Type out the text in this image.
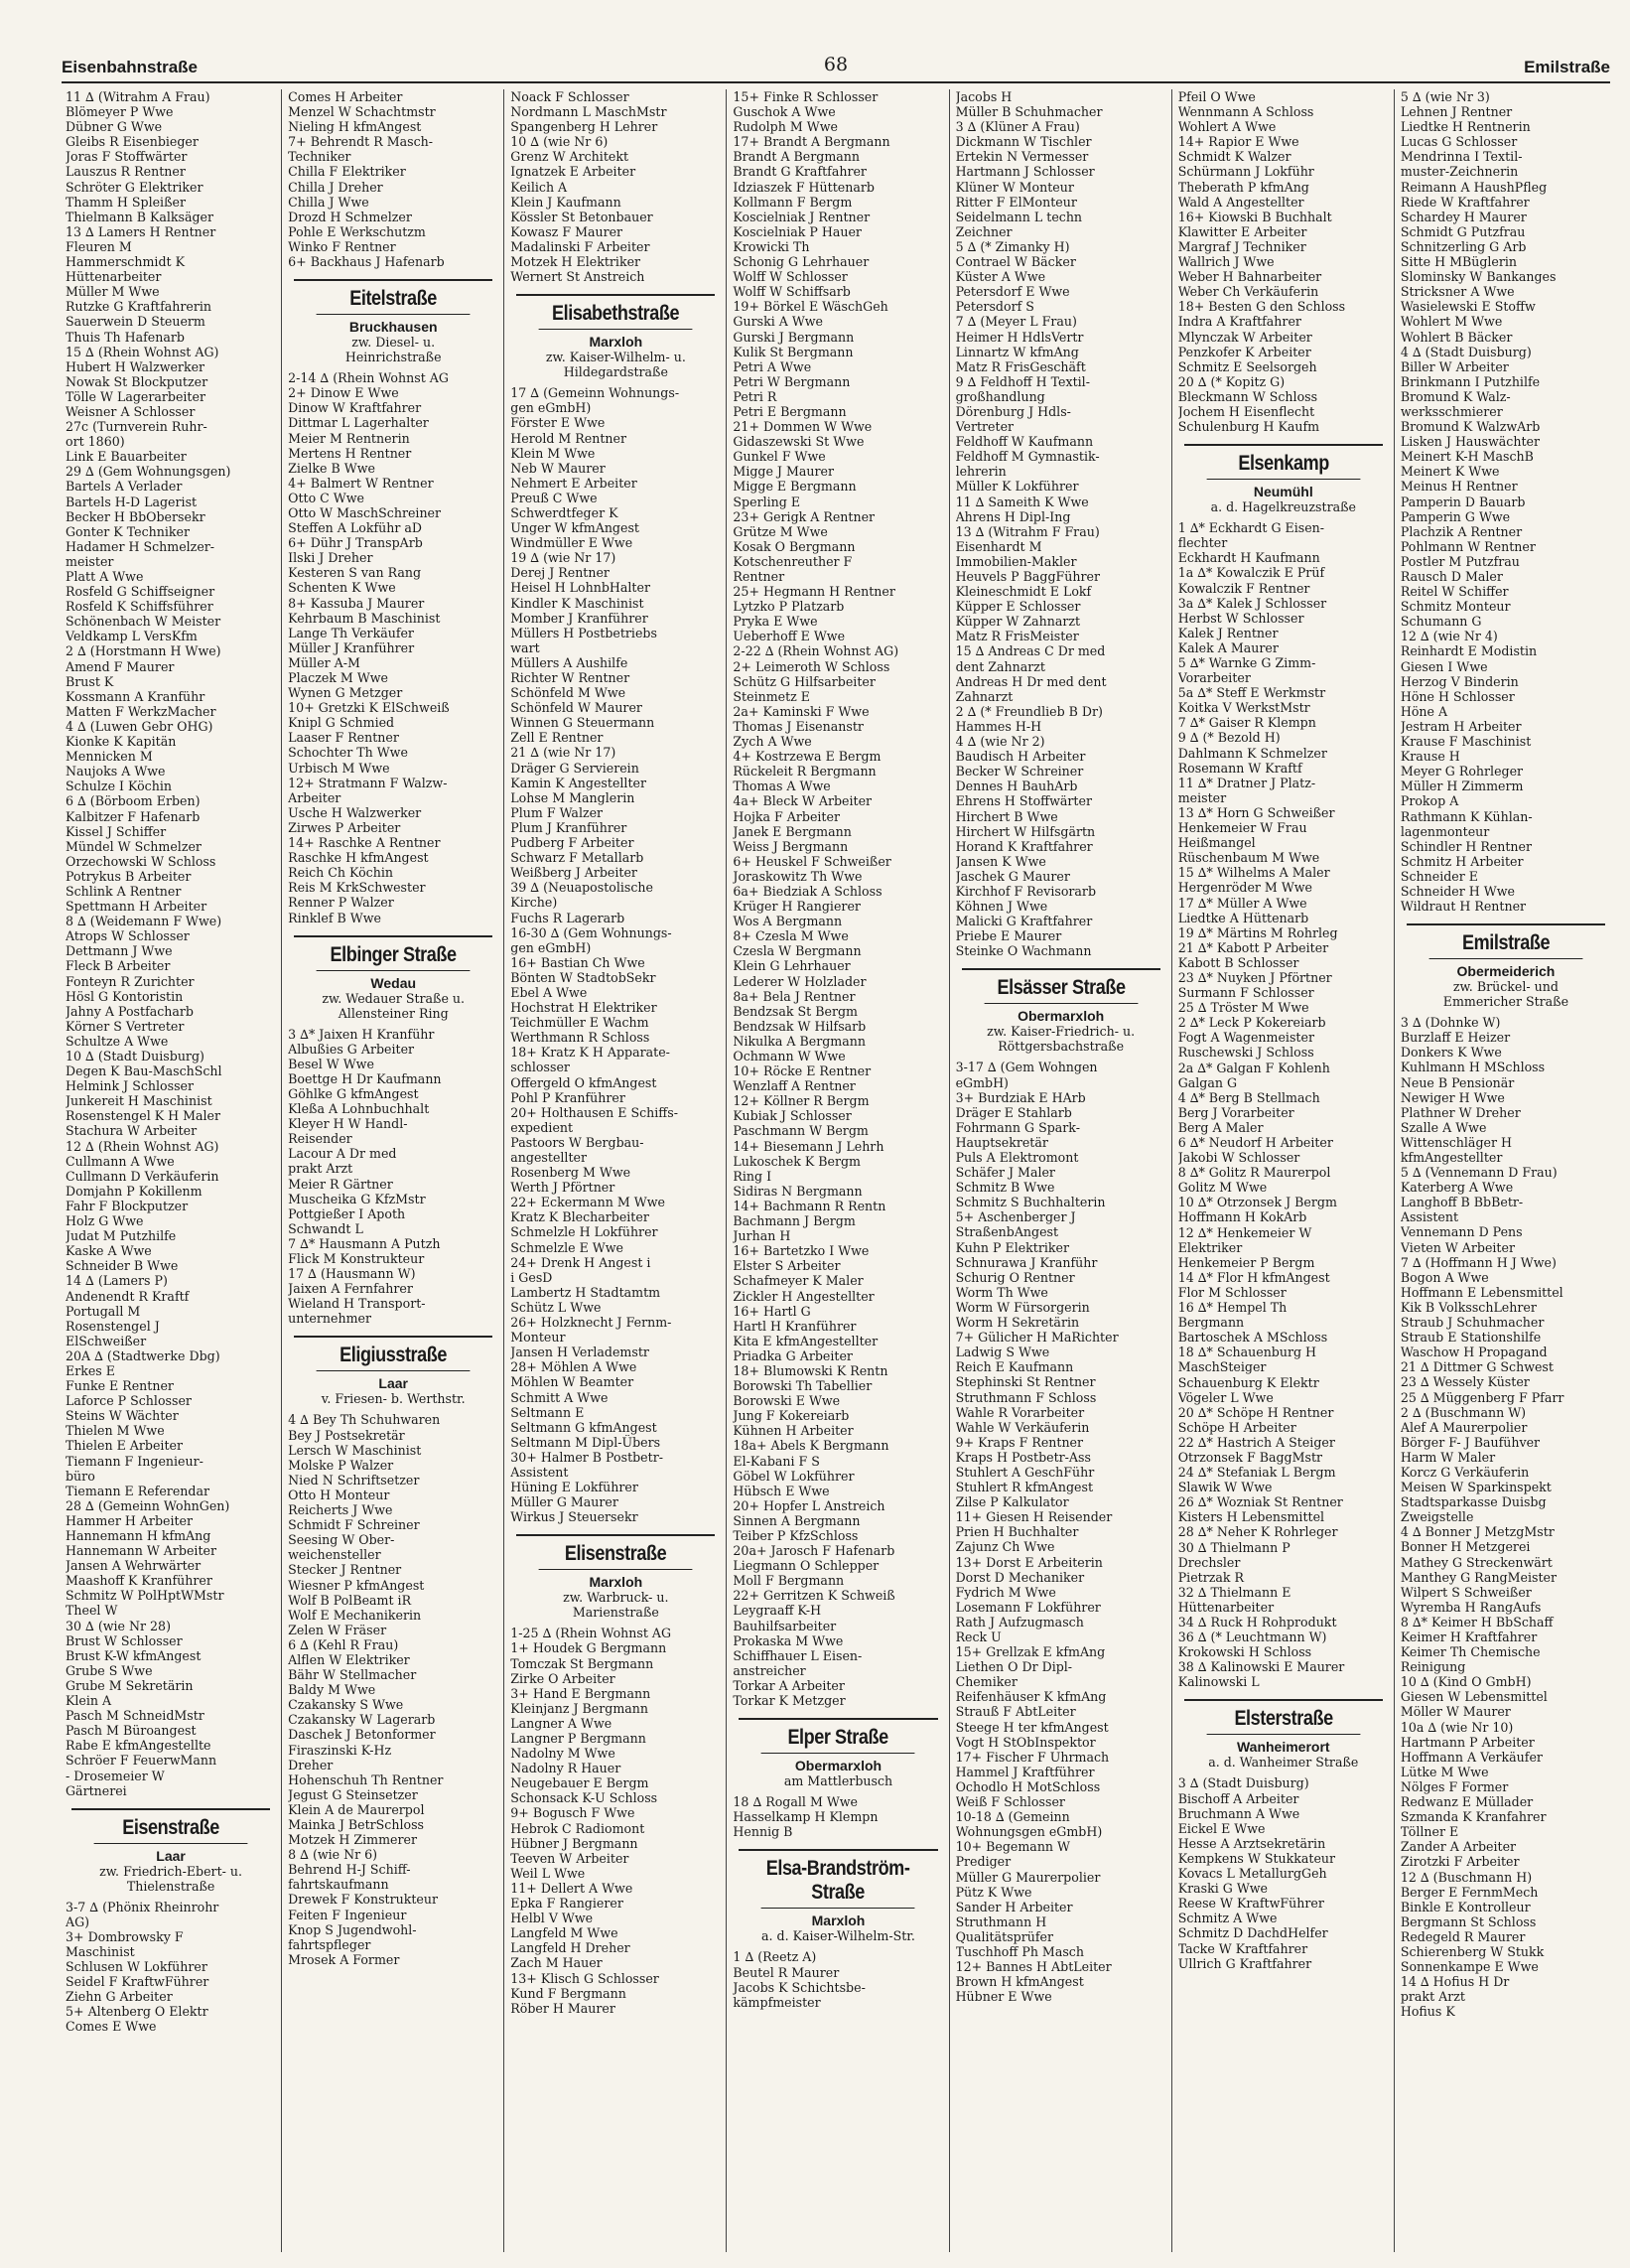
Eisenbahnstraße	68	Emilstraße
11 ∆ (Witrahm A Frau)
Blömeyer P Wwe
Dübner G Wwe
Gleibs R Eisenbieger
Joras F Stoffwärter
Lauszus R Rentner
Schröter G Elektriker
Thamm H Spleißer
Thielmann B Kalksäger
13 ∆ Lamers H Rentner
Fleuren M
Hammerschmidt K
Hüttenarbeiter
Müller M Wwe
Rutzke G Kraftfahrerin
Sauerwein D Steuerm
Thuis Th Hafenarb
15 ∆ (Rhein Wohnst AG)
Hubert H Walzwerker
Nowak St Blockputzer
Tölle W Lagerarbeiter
Weisner A Schlosser
27c (Turnverein Ruhr-
ort 1860)
Link E Bauarbeiter
29 ∆ (Gem Wohnungsgen)
Bartels A Verlader
Bartels H-D Lagerist
Becker H BbObersekr
Gonter K Techniker
Hadamer H Schmelzer-
meister
Platt A Wwe
Rosfeld G Schiffseigner
Rosfeld K Schiffsführer
Schönenbach W Meister
Veldkamp L VersKfm
2 ∆ (Horstmann H Wwe)
Amend F Maurer
Brust K
Kossmann A Kranführ
Matten F WerkzMacher
4 ∆ (Luwen Gebr OHG)
Kionke K Kapitän
Mennicken M
Naujoks A Wwe
Schulze I Köchin
6 ∆ (Börboom Erben)
Kalbitzer F Hafenarb
Kissel J Schiffer
Mündel W Schmelzer
Orzechowski W Schloss
Potrykus B Arbeiter
Schlink A Rentner
Spettmann H Arbeiter
8 ∆ (Weidemann F Wwe)
Atrops W Schlosser
Dettmann J Wwe
Fleck B Arbeiter
Fonteyn R Zurichter
Hösl G Kontoristin
Jahny A Postfacharb
Körner S Vertreter
Schultze A Wwe
10 ∆ (Stadt Duisburg)
Degen K Bau-MaschSchl
Helmink J Schlosser
Junkereit H Maschinist
Rosenstengel K H Maler
Stachura W Arbeiter
12 ∆ (Rhein Wohnst AG)
Cullmann A Wwe
Cullmann D Verkäuferin
Domjahn P Kokillenm
Fahr F Blockputzer
Holz G Wwe
Judat M Putzhilfe
Kaske A Wwe
Schneider B Wwe
14 ∆ (Lamers P)
Andenendt R Kraftf
Portugall M
Rosenstengel J
ElSchweißer
20A ∆ (Stadtwerke Dbg)
Erkes E
Funke E Rentner
Laforce P Schlosser
Steins W Wächter
Thielen M Wwe
Thielen E Arbeiter
Tiemann F Ingenieur-
büro
Tiemann E Referendar
28 ∆ (Gemeinn WohnGen)
Hammer H Arbeiter
Hannemann H kfmAng
Hannemann W Arbeiter
Jansen A Wehrwärter
Maashoff K Kranführer
Schmitz W PolHptWMstr
Theel W
30 ∆ (wie Nr 28)
Brust W Schlosser
Brust K-W kfmAngest
Grube S Wwe
Grube M Sekretärin
Klein A
Pasch M SchneidMstr
Pasch M Büroangest
Rabe E kfmAngestellte
Schröer F FeuerwMann
- Drosemeier W
Gärtnerei
Eisenstraße
Laar
zw. Friedrich-Ebert- u.
Thielenstraße
3-7 ∆ (Phönix Rheinrohr
AG)
3+ Dombrowsky F
Maschinist
Schlusen W Lokführer
Seidel F KraftwFührer
Ziehn G Arbeiter
5+ Altenberg O Elektr
Comes E Wwe
Comes H Arbeiter
Menzel W Schachtmstr
Nieling H kfmAngest
7+ Behrendt R Masch-
Techniker
Chilla F Elektriker
Chilla J Dreher
Chilla J Wwe
Drozd H Schmelzer
Pohle E Werkschutzm
Winko F Rentner
6+ Backhaus J Hafenarb
Eitelstraße
Bruckhausen
zw. Diesel- u.
Heinrichstraße
2-14 ∆ (Rhein Wohnst AG
2+ Dinow E Wwe
Dinow W Kraftfahrer
Dittmar L Lagerhalter
Meier M Rentnerin
Mertens H Rentner
Zielke B Wwe
4+ Balmert W Rentner
Otto C Wwe
Otto W MaschSchreiner
Steffen A Lokführ aD
6+ Dühr J TranspArb
Ilski J Dreher
Kesteren S van Rang
Schenten K Wwe
8+ Kassuba J Maurer
Kehrbaum B Maschinist
Lange Th Verkäufer
Müller J Kranführer
Müller A-M
Placzek M Wwe
Wynen G Metzger
10+ Gretzki K ElSchweiß
Knipl G Schmied
Laaser F Rentner
Schochter Th Wwe
Urbisch M Wwe
12+ Stratmann F Walzw-
Arbeiter
Usche H Walzwerker
Zirwes P Arbeiter
14+ Raschke A Rentner
Raschke H kfmAngest
Reich Ch Köchin
Reis M KrkSchwester
Renner P Walzer
Rinklef B Wwe
Elbinger Straße
Wedau
zw. Wedauer Straße u.
Allensteiner Ring
3 ∆* Jaixen H Kranführ
Albußies G Arbeiter
Besel W Wwe
Boettge H Dr Kaufmann
Göhlke G kfmAngest
Kleßa A Lohnbuchhalt
Kleyer H W Handl-
Reisender
Lacour A Dr med
prakt Arzt
Meier R Gärtner
Muscheika G KfzMstr
Pottgießer I Apoth
Schwandt L
7 ∆* Hausmann A Putzh
Flick M Konstrukteur
17 ∆ (Hausmann W)
Jaixen A Fernfahrer
Wieland H Transport-
unternehmer
Eligiusstraße
Laar
v. Friesen- b. Werthstr.
4 ∆ Bey Th Schuhwaren
Bey J Postsekretär
Lersch W Maschinist
Molske P Walzer
Nied N Schriftsetzer
Otto H Monteur
Reicherts J Wwe
Schmidt F Schreiner
Seesing W Ober-
weichensteller
Stecker J Rentner
Wiesner P kfmAngest
Wolf B PolBeamt iR
Wolf E Mechanikerin
Zelen W Fräser
6 ∆ (Kehl R Frau)
Alflen W Elektriker
Bähr W Stellmacher
Baldy M Wwe
Czakansky S Wwe
Czakansky W Lagerarb
Daschek J Betonformer
Firaszinski K-Hz
Dreher
Hohenschuh Th Rentner
Jegust G Steinsetzer
Klein A de Maurerpol
Mainka J BetrSchloss
Motzek H Zimmerer
8 ∆ (wie Nr 6)
Behrend H-J Schiff-
fahrtskaufmann
Drewek F Konstrukteur
Feiten F Ingenieur
Knop S Jugendwohl-
fahrtspfleger
Mrosek A Former
Noack F Schlosser
Nordmann L MaschMstr
Spangenberg H Lehrer
10 ∆ (wie Nr 6)
Grenz W Architekt
Ignatzek E Arbeiter
Keilich A
Klein J Kaufmann
Kössler St Betonbauer
Kowasz F Maurer
Madalinski F Arbeiter
Motzek H Elektriker
Wernert St Anstreich
Elisabethstraße
Marxloh
zw. Kaiser-Wilhelm- u.
Hildegardstraße
17 ∆ (Gemeinn Wohnungs-
gen eGmbH)
Förster E Wwe
Herold M Rentner
Klein M Wwe
Neb W Maurer
Nehmert E Arbeiter
Preuß C Wwe
Schwerdtfeger K
Unger W kfmAngest
Windmüller E Wwe
19 ∆ (wie Nr 17)
Derej J Rentner
Heisel H LohnbHalter
Kindler K Maschinist
Momber J Kranführer
Müllers H Postbetriebs
wart
Müllers A Aushilfe
Richter W Rentner
Schönfeld M Wwe
Schönfeld W Maurer
Winnen G Steuermann
Zell E Rentner
21 ∆ (wie Nr 17)
Dräger G Servierein
Kamin K Angestellter
Lohse M Manglerin
Plum F Walzer
Plum J Kranführer
Pudberg F Arbeiter
Schwarz F Metallarb
Weißberg J Arbeiter
39 ∆ (Neuapostolische
Kirche)
Fuchs R Lagerarb
16-30 ∆ (Gem Wohnungs-
gen eGmbH)
16+ Bastian Ch Wwe
Bönten W StadtobSekr
Ebel A Wwe
Hochstrat H Elektriker
Teichmüller E Wachm
Werthmann R Schloss
18+ Kratz K H Apparate-
schlosser
Offergeld O kfmAngest
Pohl P Kranführer
20+ Holthausen E Schiffs-
expedient
Pastoors W Bergbau-
angestellter
Rosenberg M Wwe
Werth J Pförtner
22+ Eckermann M Wwe
Kratz K Blecharbeiter
Schmelzle H Lokführer
Schmelzle E Wwe
24+ Drenk H Angest i
i GesD
Lambertz H Stadtamtm
Schütz L Wwe
26+ Holzknecht J Fernm-
Monteur
Jansen H Verlademstr
28+ Möhlen A Wwe
Möhlen W Beamter
Schmitt A Wwe
Seltmann E
Seltmann G kfmAngest
Seltmann M Dipl-Übers
30+ Halmer B Postbetr-
Assistent
Hüning E Lokführer
Müller G Maurer
Wirkus J Steuersekr
Elisenstraße
Marxloh
zw. Warbruck- u.
Marienstraße
1-25 ∆ (Rhein Wohnst AG
1+ Houdek G Bergmann
Tomczak St Bergmann
Zirke O Arbeiter
3+ Hand E Bergmann
Kleinjanz J Bergmann
Langner A Wwe
Langner P Bergmann
Nadolny M Wwe
Nadolny R Hauer
Neugebauer E Bergm
Schonsack K-U Schloss
9+ Bogusch F Wwe
Hebrok C Radiomont
Hübner J Bergmann
Teeven W Arbeiter
Weil L Wwe
11+ Dellert A Wwe
Epka F Rangierer
Helbl V Wwe
Langfeld M Wwe
Langfeld H Dreher
Zach M Hauer
13+ Klisch G Schlosser
Kund F Bergmann
Röber H Maurer
15+ Finke R Schlosser
Guschok A Wwe
Rudolph M Wwe
17+ Brandt A Bergmann
Brandt A Bergmann
Brandt G Kraftfahrer
Idziaszek F Hüttenarb
Kollmann F Bergm
Koscielniak J Rentner
Koscielniak P Hauer
Krowicki Th
Schonig G Lehrhauer
Wolff W Schlosser
Wolff W Schiffsarb
19+ Börkel E WäschGeh
Gurski A Wwe
Gurski J Bergmann
Kulik St Bergmann
Petri A Wwe
Petri W Bergmann
Petri R
Petri E Bergmann
21+ Dommen W Wwe
Gidaszewski St Wwe
Gunkel F Wwe
Migge J Maurer
Migge E Bergmann
Sperling E
23+ Gerigk A Rentner
Grütze M Wwe
Kosak O Bergmann
Kotschenreuther F
Rentner
25+ Hegmann H Rentner
Lytzko P Platzarb
Pryka E Wwe
Ueberhoff E Wwe
2-22 ∆ (Rhein Wohnst AG)
2+ Leimeroth W Schloss
Schütz G Hilfsarbeiter
Steinmetz E
2a+ Kaminski F Wwe
Thomas J Eisenanstr
Zych A Wwe
4+ Kostrzewa E Bergm
Rückeleit R Bergmann
Thomas A Wwe
4a+ Bleck W Arbeiter
Hojka F Arbeiter
Janek E Bergmann
Weiss J Bergmann
6+ Heuskel F Schweißer
Joraskowitz Th Wwe
6a+ Biedziak A Schloss
Krüger H Rangierer
Wos A Bergmann
8+ Czesla M Wwe
Czesla W Bergmann
Klein G Lehrhauer
Lederer W Holzlader
8a+ Bela J Rentner
Bendzsak St Bergm
Bendzsak W Hilfsarb
Nikulka A Bergmann
Ochmann W Wwe
10+ Röcke E Rentner
Wenzlaff A Rentner
12+ Köllner R Bergm
Kubiak J Schlosser
Paschmann W Bergm
14+ Biesemann J Lehrh
Lukoschek K Bergm
Ring I
Sidiras N Bergmann
14+ Bachmann R Rentn
Bachmann J Bergm
Jurhan H
16+ Bartetzko I Wwe
Elster S Arbeiter
Schafmeyer K Maler
Zickler H Angestellter
16+ Hartl G
Hartl H Kranführer
Kita E kfmAngestellter
Priadka G Arbeiter
18+ Blumowski K Rentn
Borowski Th Tabellier
Borowski E Wwe
Jung F Kokereiarb
Kühnen H Arbeiter
18a+ Abels K Bergmann
El-Kabani F S
Göbel W Lokführer
Hübsch E Wwe
20+ Hopfer L Anstreich
Sinnen A Bergmann
Teiber P KfzSchloss
20a+ Jarosch F Hafenarb
Liegmann O Schlepper
Moll F Bergmann
22+ Gerritzen K Schweiß
Leygraaff K-H
Bauhilfsarbeiter
Prokaska M Wwe
Schiffhauer L Eisen-
anstreicher
Torkar A Arbeiter
Torkar K Metzger
Elper Straße
Obermarxloh
am Mattlerbusch
18 ∆ Rogall M Wwe
Hasselkamp H Klempn
Hennig B
Elsa-Brandström-Straße
Marxloh
a. d. Kaiser-Wilhelm-Str.
1 ∆ (Reetz A)
Beutel R Maurer
Jacobs K Schichtsbe-
kämpfmeister
Jacobs H
Müller B Schuhmacher
3 ∆ (Klüner A Frau)
Dickmann W Tischler
Ertekin N Vermesser
Hartmann J Schlosser
Klüner W Monteur
Ritter F ElMonteur
Seidelmann L techn
Zeichner
5 ∆ (* Zimanky H)
Contrael W Bäcker
Küster A Wwe
Petersdorf E Wwe
Petersdorf S
7 ∆ (Meyer L Frau)
Heimer H HdlsVertr
Linnartz W kfmAng
Matz R FrisGeschäft
9 ∆ Feldhoff H Textil-
großhandlung
Dörenburg J Hdls-
Vertreter
Feldhoff W Kaufmann
Feldhoff M Gymnastik-
lehrerin
Müller K Lokführer
11 ∆ Sameith K Wwe
Ahrens H Dipl-Ing
13 ∆ (Witrahm F Frau)
Eisenhardt M
Immobilien-Makler
Heuvels P BaggFührer
Kleineschmidt E Lokf
Küpper E Schlosser
Küpper W Zahnarzt
Matz R FrisMeister
15 ∆ Andreas C Dr med
dent Zahnarzt
Andreas H Dr med dent
Zahnarzt
2 ∆ (* Freundlieb B Dr)
Hammes H-H
4 ∆ (wie Nr 2)
Baudisch H Arbeiter
Becker W Schreiner
Dennes H BauhArb
Ehrens H Stoffwärter
Hirchert B Wwe
Hirchert W Hilfsgärtn
Horand K Kraftfahrer
Jansen K Wwe
Jaschek G Maurer
Kirchhof F Revisorarb
Köhnen J Wwe
Malicki G Kraftfahrer
Priebe E Maurer
Steinke O Wachmann
Elsässer Straße
Obermarxloh
zw. Kaiser-Friedrich- u.
Röttgersbachstraße
3-17 ∆ (Gem Wohngen
eGmbH)
3+ Burdziak E HArb
Dräger E Stahlarb
Fohrmann G Spark-
Hauptsekretär
Puls A Elektromont
Schäfer J Maler
Schmitz B Wwe
Schmitz S Buchhalterin
5+ Aschenberger J
StraßenbAngest
Kuhn P Elektriker
Schnurawa J Kranführ
Schurig O Rentner
Worm Th Wwe
Worm W Fürsorgerin
Worm H Sekretärin
7+ Gülicher H MaRichter
Ladwig S Wwe
Reich E Kaufmann
Stephinski St Rentner
Struthmann F Schloss
Wahle R Vorarbeiter
Wahle W Verkäuferin
9+ Kraps F Rentner
Kraps H Postbetr-Ass
Stuhlert A GeschFühr
Stuhlert R kfmAngest
Zilse P Kalkulator
11+ Giesen H Reisender
Prien H Buchhalter
Zajunz Ch Wwe
13+ Dorst E Arbeiterin
Dorst D Mechaniker
Fydrich M Wwe
Losemann F Lokführer
Rath J Aufzugmasch
Reck U
15+ Grellzak E kfmAng
Liethen O Dr Dipl-
Chemiker
Reifenhäuser K kfmAng
Strauß F AbtLeiter
Steege H ter kfmAngest
Vogt H StObInspektor
17+ Fischer F Uhrmach
Hammel J Kraftführer
Ochodlo H MotSchloss
Weiß F Schlosser
10-18 ∆ (Gemeinn
Wohnungsgen eGmbH)
10+ Begemann W
Prediger
Müller G Maurerpolier
Pütz K Wwe
Sander H Arbeiter
Struthmann H
Qualitätsprüfer
Tuschhoff Ph Masch
12+ Bannes H AbtLeiter
Brown H kfmAngest
Hübner E Wwe
Pfeil O Wwe
Wennmann A Schloss
Wohlert A Wwe
14+ Rapior E Wwe
Schmidt K Walzer
Schürmann J Lokführ
Theberath P kfmAng
Wald A Angestellter
16+ Kiowski B Buchhalt
Klawitter E Arbeiter
Margraf J Techniker
Wallrich J Wwe
Weber H Bahnarbeiter
Weber Ch Verkäuferin
18+ Besten G den Schloss
Indra A Kraftfahrer
Mlynczak W Arbeiter
Penzkofer K Arbeiter
Schmitz E Seelsorgeh
20 ∆ (* Kopitz G)
Bleckmann W Schloss
Jochem H Eisenflecht
Schulenburg H Kaufm
Elsenkamp
Neumühl
a. d. Hagelkreuzstraße
1 ∆* Eckhardt G Eisen-
flechter
Eckhardt H Kaufmann
1a ∆* Kowalczik E Prüf
Kowalczik F Rentner
3a ∆* Kalek J Schlosser
Herbst W Schlosser
Kalek J Rentner
Kalek A Maurer
5 ∆* Warnke G Zimm-
Vorarbeiter
5a ∆* Steff E Werkmstr
Koitka V WerkstMstr
7 ∆* Gaiser R Klempn
9 ∆ (* Bezold H)
Dahlmann K Schmelzer
Rosemann W Kraftf
11 ∆* Dratner J Platz-
meister
13 ∆* Horn G Schweißer
Henkemeier W Frau
Heißmangel
Rüschenbaum M Wwe
15 ∆* Wilhelms A Maler
Hergenröder M Wwe
17 ∆* Müller A Wwe
Liedtke A Hüttenarb
19 ∆* Märtins M Rohrleg
21 ∆* Kabott P Arbeiter
Kabott B Schlosser
23 ∆* Nuyken J Pförtner
Surmann F Schlosser
25 ∆ Tröster M Wwe
2 ∆* Leck P Kokereiarb
Fogt A Wagenmeister
Ruschewski J Schloss
2a ∆* Galgan F Kohlenh
Galgan G
4 ∆* Berg B Stellmach
Berg J Vorarbeiter
Berg A Maler
6 ∆* Neudorf H Arbeiter
Jakobi W Schlosser
8 ∆* Golitz R Maurerpol
Golitz M Wwe
10 ∆* Otrzonsek J Bergm
Hoffmann H KokArb
12 ∆* Henkemeier W
Elektriker
Henkemeier P Bergm
14 ∆* Flor H kfmAngest
Flor M Schlosser
16 ∆* Hempel Th
Bergmann
Bartoschek A MSchloss
18 ∆* Schauenburg H
MaschSteiger
Schauenburg K Elektr
Vögeler L Wwe
20 ∆* Schöpe H Rentner
Schöpe H Arbeiter
22 ∆* Hastrich A Steiger
Otrzonsek F BaggMstr
24 ∆* Stefaniak L Bergm
Slawik W Wwe
26 ∆* Wozniak St Rentner
Kisters H Lebensmittel
28 ∆* Neher K Rohrleger
30 ∆ Thielmann P
Drechsler
Pietrzak R
32 ∆ Thielmann E
Hüttenarbeiter
34 ∆ Ruck H Rohprodukt
36 ∆ (* Leuchtmann W)
Krokowski H Schloss
38 ∆ Kalinowski E Maurer
Kalinowski L
Elsterstraße
Wanheimerort
a. d. Wanheimer Straße
3 ∆ (Stadt Duisburg)
Bischoff A Arbeiter
Bruchmann A Wwe
Eickel E Wwe
Hesse A Arztsekretärin
Kempkens W Stukkateur
Kovacs L MetallurgGeh
Kraski G Wwe
Reese W KraftwFührer
Schmitz A Wwe
Schmitz D DachdHelfer
Tacke W Kraftfahrer
Ullrich G Kraftfahrer
5 ∆ (wie Nr 3)
Lehnen J Rentner
Liedtke H Rentnerin
Lucas G Schlosser
Mendrinna I Textil-
muster-Zeichnerin
Reimann A HaushPfleg
Riede W Kraftfahrer
Schardey H Maurer
Schmidt G Putzfrau
Schnitzerling G Arb
Sitte H MBüglerin
Slominsky W Bankanges
Stricksner A Wwe
Wasielewski E Stoffw
Wohlert M Wwe
Wohlert B Bäcker
4 ∆ (Stadt Duisburg)
Biller W Arbeiter
Brinkmann I Putzhilfe
Bromund K Walz-
werksschmierer
Bromund K WalzwArb
Lisken J Hauswächter
Meinert K-H MaschB
Meinert K Wwe
Meinus H Rentner
Pamperin D Bauarb
Pamperin G Wwe
Plachzik A Rentner
Pohlmann W Rentner
Postler M Putzfrau
Rausch D Maler
Reitel W Schiffer
Schmitz Monteur
Schumann G
12 ∆ (wie Nr 4)
Reinhardt E Modistin
Giesen I Wwe
Herzog V Binderin
Höne H Schlosser
Höne A
Jestram H Arbeiter
Krause F Maschinist
Krause H
Meyer G Rohrleger
Müller H Zimmerm
Prokop A
Rathmann K Kühlan-
lagenmonteur
Schindler H Rentner
Schmitz H Arbeiter
Schneider E
Schneider H Wwe
Wildraut H Rentner
Emilstraße
Obermeiderich
zw. Brückel- und
Emmericher Straße
3 ∆ (Dohnke W)
Burzlaff E Heizer
Donkers K Wwe
Kuhlmann H MSchloss
Neue B Pensionär
Newiger H Wwe
Plathner W Dreher
Szalle A Wwe
Wittenschläger H
kfmAngestellter
5 ∆ (Vennemann D Frau)
Katerberg A Wwe
Langhoff B BbBetr-
Assistent
Vennemann D Pens
Vieten W Arbeiter
7 ∆ (Hoffmann H J Wwe)
Bogon A Wwe
Hoffmann E Lebensmittel
Kik B VolksschLehrer
Straub J Schuhmacher
Straub E Stationshilfe
Waschow H Propagand
21 ∆ Dittmer G Schwest
23 ∆ Wessely Küster
25 ∆ Müggenberg F Pfarr
2 ∆ (Buschmann W)
Alef A Maurerpolier
Börger F- J Baufühver
Harm W Maler
Korcz G Verkäuferin
Meisen W Sparkinspekt
Stadtsparkasse Duisbg
Zweigstelle
4 ∆ Bonner J MetzgMstr
Bonner H Metzgerei
Mathey G Streckenwärt
Manthey G RangMeister
Wilpert S Schweißer
Wyremba H RangAufs
8 ∆* Keimer H BbSchaff
Keimer H Kraftfahrer
Keimer Th Chemische
Reinigung
10 ∆ (Kind O GmbH)
Giesen W Lebensmittel
Möller W Maurer
10a ∆ (wie Nr 10)
Hartmann P Arbeiter
Hoffmann A Verkäufer
Lütke M Wwe
Nölges F Former
Redwanz E Müllader
Szmanda K Kranfahrer
Töllner E
Zander A Arbeiter
Zirotzki F Arbeiter
12 ∆ (Buschmann H)
Berger E FernmMech
Binkle E Kontrolleur
Bergmann St Schloss
Redegeld R Maurer
Schierenberg W Stukk
Sonnenkampe E Wwe
14 ∆ Hofius H Dr
prakt Arzt
Hofius K
